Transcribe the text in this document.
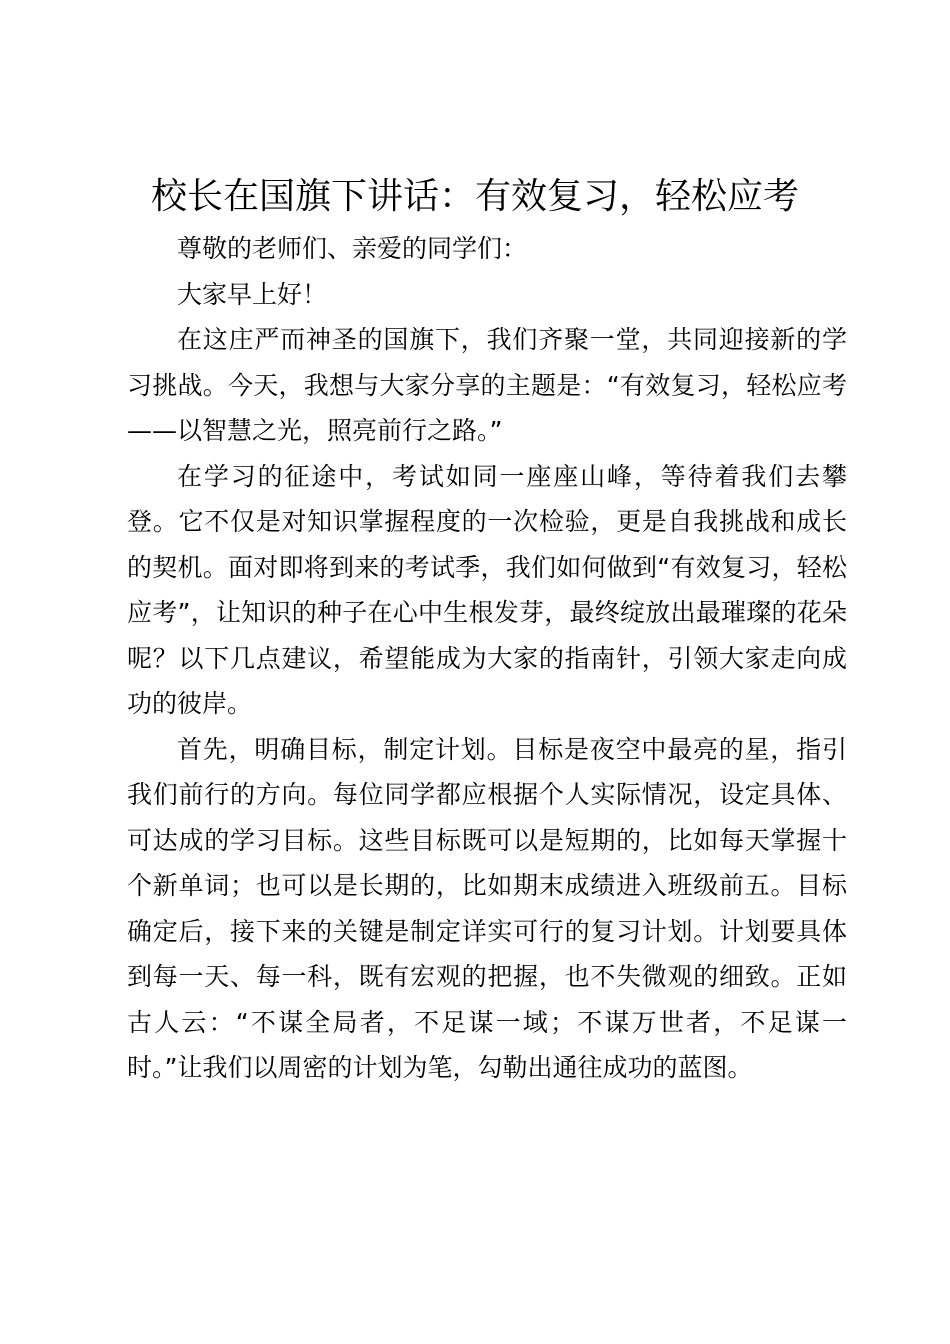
校长在国旗下讲话：有效复习，轻松应考

尊敬的老师们、亲爱的同学们：

大家早上好！

在这庄严而神圣的国旗下，我们齐聚一堂，共同迎接新的学习挑战。今天，我想与大家分享的主题是：“有效复习，轻松应考——以智慧之光，照亮前行之路。”

在学习的征途中，考试如同一座座山峰，等待着我们去攀登。它不仅是对知识掌握程度的一次检验，更是自我挑战和成长的契机。面对即将到来的考试季，我们如何做到“有效复习，轻松应考”，让知识的种子在心中生根发芽，最终绽放出最璀璨的花朵呢？以下几点建议，希望能成为大家的指南针，引领大家走向成功的彼岸。

首先，明确目标，制定计划。目标是夜空中最亮的星，指引我们前行的方向。每位同学都应根据个人实际情况，设定具体、可达成的学习目标。这些目标既可以是短期的，比如每天掌握十个新单词；也可以是长期的，比如期末成绩进入班级前五。目标确定后，接下来的关键是制定详实可行的复习计划。计划要具体到每一天、每一科，既有宏观的把握，也不失微观的细致。正如古人云：“不谋全局者，不足谋一域；不谋万世者，不足谋一时。”让我们以周密的计划为笔，勾勒出通往成功的蓝图。
